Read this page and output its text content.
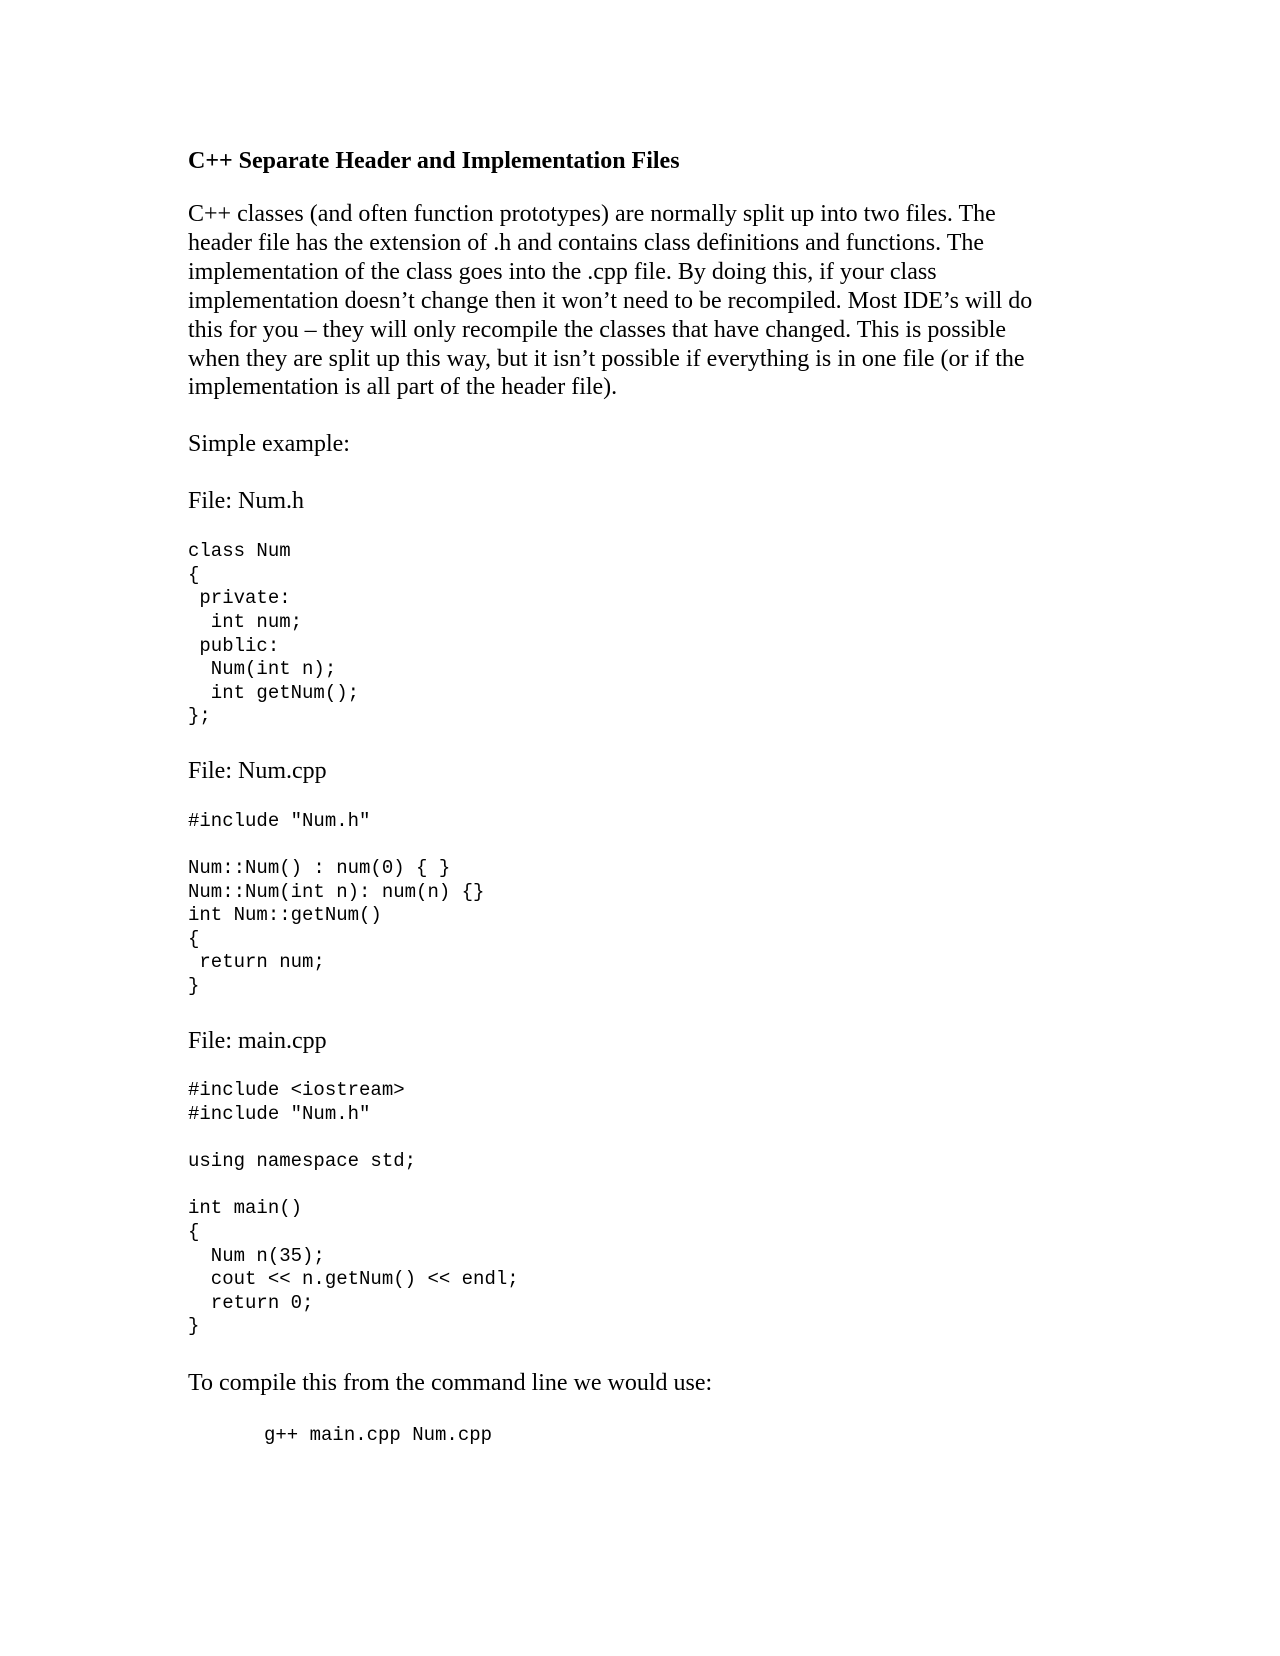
C++ Separate Header and Implementation Files
C++ classes (and often function prototypes) are normally split up into two files. The
header file has the extension of .h and contains class definitions and functions. The
implementation of the class goes into the .cpp file. By doing this, if your class
implementation doesn’t change then it won’t need to be recompiled. Most IDE’s will do
this for you – they will only recompile the classes that have changed. This is possible
when they are split up this way, but it isn’t possible if everything is in one file (or if the
implementation is all part of the header file).
Simple example:
File: Num.h
class Num
{
private:
int num;
public:
Num(int n);
int getNum();
};
File: Num.cpp
#include "Num.h"
Num::Num() : num(0) { }
Num::Num(int n): num(n) {}
int Num::getNum()
{
return num;
}
File: main.cpp
#include <iostream>
#include "Num.h"
using namespace std;
int main()
{
Num n(35);
cout << n.getNum() << endl;
return 0;
}
To compile this from the command line we would use:
g++ main.cpp Num.cpp
